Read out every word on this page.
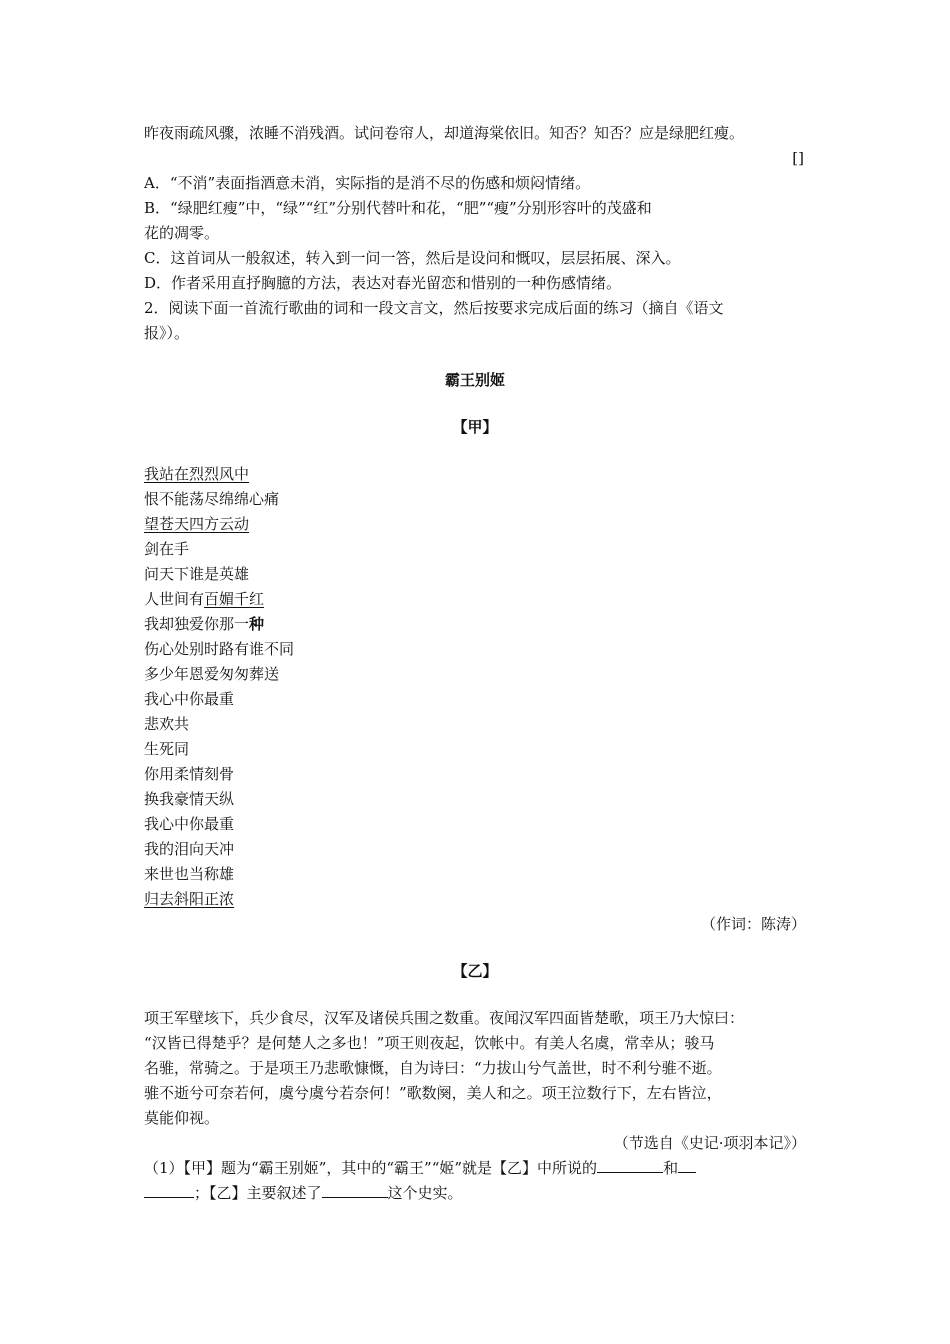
昨夜雨疏风骤，浓睡不消残酒。试问卷帘人，却道海棠依旧。知否？知否？应是绿肥红瘦。
[]
A．“不消”表面指酒意未消，实际指的是消不尽的伤感和烦闷情绪。
B．“绿肥红瘦”中，“绿”“红”分别代替叶和花，“肥”“瘦”分别形容叶的茂盛和
花的凋零。
C．这首词从一般叙述，转入到一问一答，然后是设问和慨叹，层层拓展、深入。
D．作者采用直抒胸臆的方法，表达对春光留恋和惜别的一种伤感情绪。
2．阅读下面一首流行歌曲的词和一段文言文，然后按要求完成后面的练习（摘自《语文
报》）。
霸王别姬
【甲】
我站在烈烈风中
恨不能荡尽绵绵心痛
望苍天四方云动
剑在手
问天下谁是英雄
人世间有百媚千红
我却独爱你那一种
伤心处别时路有谁不同
多少年恩爱匆匆葬送
我心中你最重
悲欢共
生死同
你用柔情刻骨
换我豪情天纵
我心中你最重
我的泪向天冲
来世也当称雄
归去斜阳正浓
（作词：陈涛）
【乙】
项王军壁垓下，兵少食尽，汉军及诸侯兵围之数重。夜闻汉军四面皆楚歌，项王乃大惊曰：
“汉皆已得楚乎？是何楚人之多也！”项王则夜起，饮帐中。有美人名虞，常幸从；骏马
名骓，常骑之。于是项王乃悲歌慷慨，自为诗曰：“力拔山兮气盖世，时不利兮骓不逝。
骓不逝兮可奈若何，虞兮虞兮若奈何！”歌数阕，美人和之。项王泣数行下，左右皆泣，
莫能仰视。
（节选自《史记·项羽本记》）
（1）【甲】题为“霸王别姬”，其中的“霸王”“姬”就是【乙】中所说的	和
；【乙】主要叙述了	这个史实。
